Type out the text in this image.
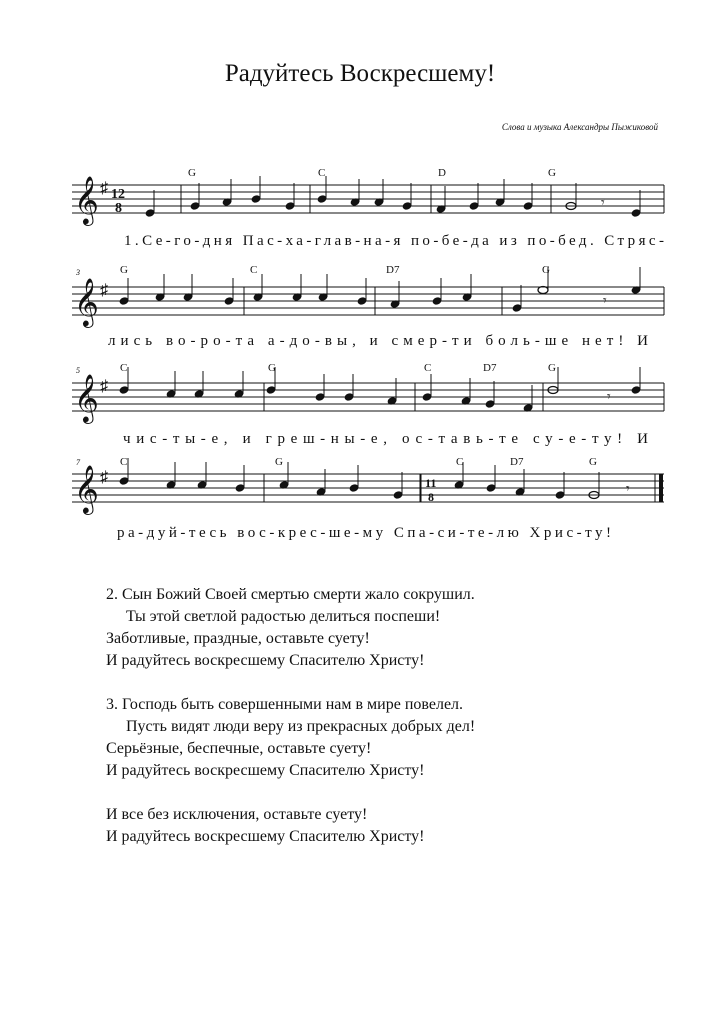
Радуйтесь Воскресшему!
Слова и музыка Александры Пыжиковой
𝄞 ♯ 12
8	𝄾
G	C	D	G
1.Се-го-дня Пас-ха-глав-на-я по-бе-да из по-бед. Стряс-
3
𝄞 ♯
𝄾
G	C	D7	G
лись во-ро-та а-до-вы, и смер-ти боль-ше нет! И
5
𝄞 ♯
𝄾
C	G	C	D7	G
чис-ты-е, и греш-ны-е, ос-тавь-те су-е-ту! И
7
𝄞 ♯	11
8	𝄾
C	G	C	D7	G
ра-дуй-тесь вос-крес-ше-му Спа-си-те-лю Хрис-ту!
2. Сын Божий Своей смертью смерти жало сокрушил.
Ты этой светлой радостью делиться поспеши!
Заботливые, праздные, оставьте суету!
И радуйтесь воскресшему Спасителю Христу!
3. Господь быть совершенными нам в мире повелел.
Пусть видят люди веру из прекрасных добрых дел!
Серьёзные, беспечные, оставьте суету!
И радуйтесь воскресшему Спасителю Христу!
И все без исключения, оставьте суету!
И радуйтесь воскресшему Спасителю Христу!
